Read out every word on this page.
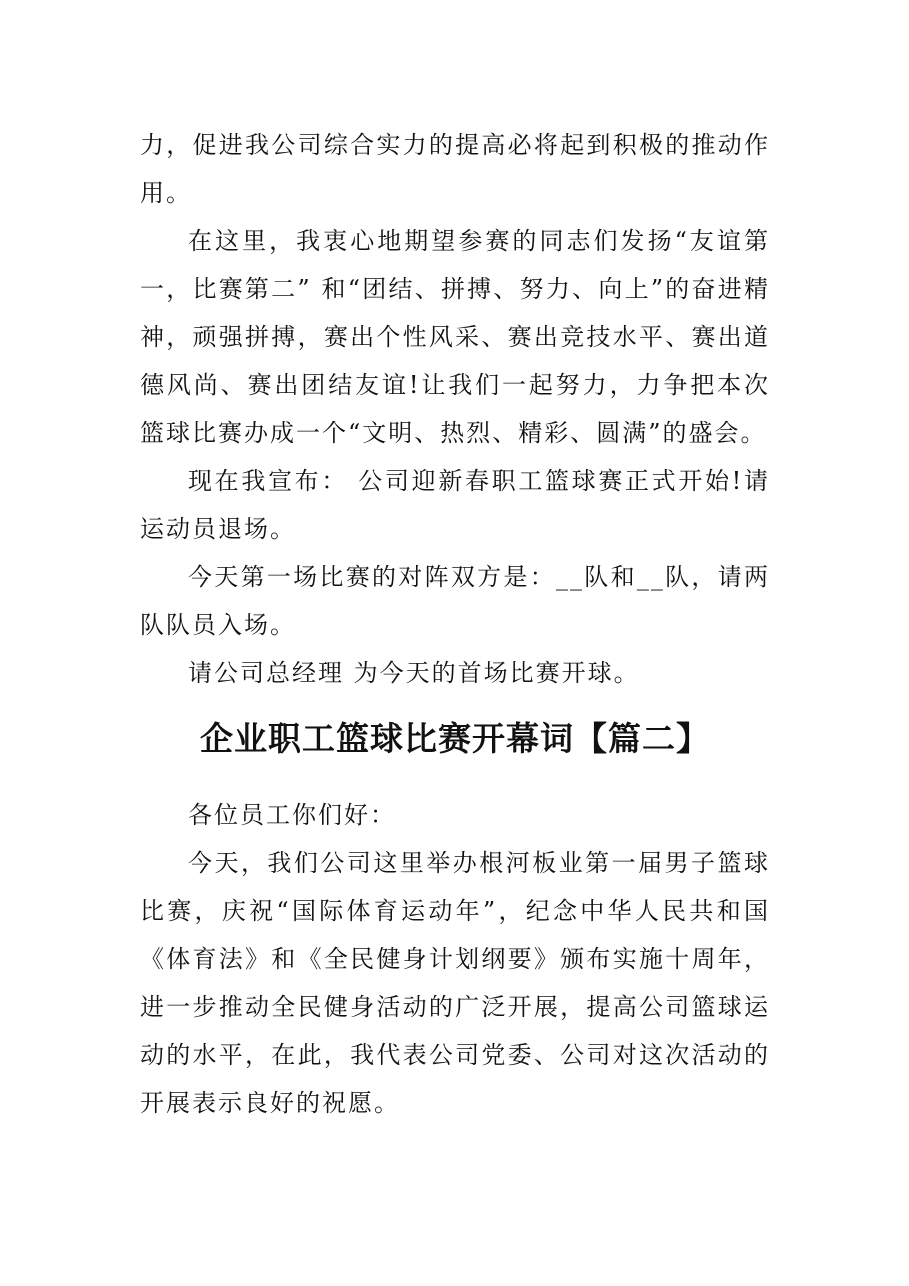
力，促进我公司综合实力的提高必将起到积极的推动作用。

在这里，我衷心地期望参赛的同志们发扬“友谊第一，比赛第二” 和“团结、拼搏、努力、向上”的奋进精神，顽强拼搏，赛出个性风采、赛出竞技水平、赛出道德风尚、赛出团结友谊!让我们一起努力，力争把本次篮球比赛办成一个“文明、热烈、精彩、圆满”的盛会。

现在我宣布： 公司迎新春职工篮球赛正式开始!请运动员退场。

今天第一场比赛的对阵双方是：__队和__队，请两队队员入场。

请公司总经理 为今天的首场比赛开球。

企业职工篮球比赛开幕词【篇二】

各位员工你们好：

今天，我们公司这里举办根河板业第一届男子篮球比赛，庆祝“国际体育运动年”，纪念中华人民共和国《体育法》和《全民健身计划纲要》颁布实施十周年，进一步推动全民健身活动的广泛开展，提高公司篮球运动的水平，在此，我代表公司党委、公司对这次活动的开展表示良好的祝愿。
